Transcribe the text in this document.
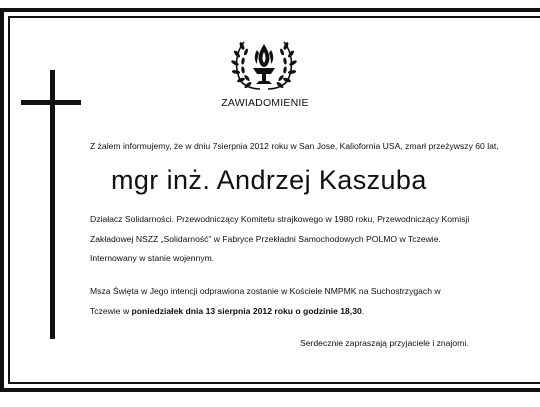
ZAWIADOMIENIE
Z żalem informujemy, że w dniu 7sierpnia 2012 roku w San Jose, Kaliofornia USA, zmarł przeżywszy 60 lat,
mgr inż. Andrzej Kaszuba
Działacz Solidarności. Przewodniczący Komitetu strajkowego w 1980 roku, Przewodniczący Komisji
Zakładowej NSZZ „Solidarność” w Fabryce Przekładni Samochodowych POLMO w Tczewie.
Internowany w stanie wojennym.
Msza Święta w Jego intencji odprawiona zostanie w Kościele NMPMK na Suchostrzygach w
Tczewie w poniedziałek dnia 13 sierpnia 2012 roku o godzinie 18,30.
Serdecznie zapraszają przyjaciele i znajomi.
